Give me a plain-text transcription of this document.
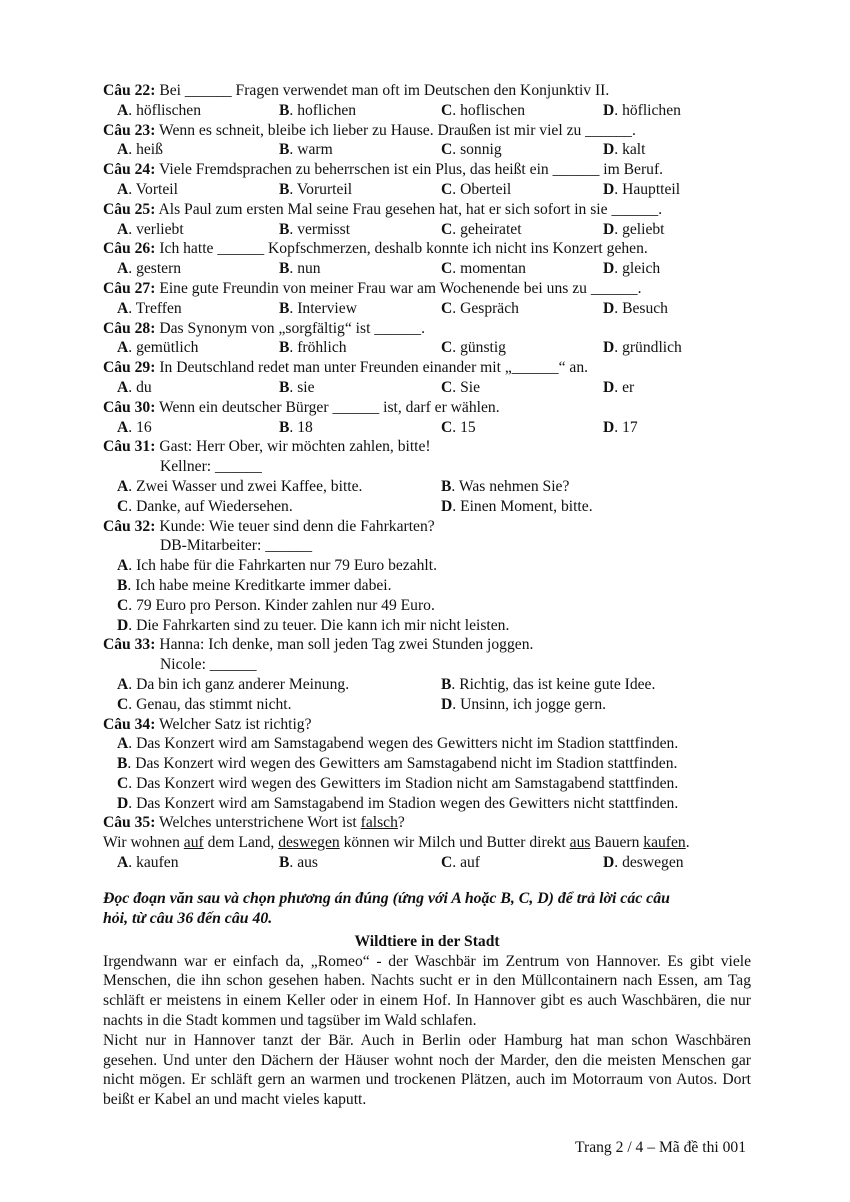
Câu 22: Bei ______ Fragen verwendet man oft im Deutschen den Konjunktiv II.
A. höflischen	B. hoflichen	C. hoflischen	D. höflichen
Câu 23: Wenn es schneit, bleibe ich lieber zu Hause. Draußen ist mir viel zu ______.
A. heiß	B. warm	C. sonnig	D. kalt
Câu 24: Viele Fremdsprachen zu beherrschen ist ein Plus, das heißt ein ______ im Beruf.
A. Vorteil	B. Vorurteil	C. Oberteil	D. Hauptteil
Câu 25: Als Paul zum ersten Mal seine Frau gesehen hat, hat er sich sofort in sie ______.
A. verliebt	B. vermisst	C. geheiratet	D. geliebt
Câu 26: Ich hatte ______ Kopfschmerzen, deshalb konnte ich nicht ins Konzert gehen.
A. gestern	B. nun	C. momentan	D. gleich
Câu 27: Eine gute Freundin von meiner Frau war am Wochenende bei uns zu ______.
A. Treffen	B. Interview	C. Gespräch	D. Besuch
Câu 28: Das Synonym von „sorgfältig“ ist ______.
A. gemütlich	B. fröhlich	C. günstig	D. gründlich
Câu 29: In Deutschland redet man unter Freunden einander mit „______“ an.
A. du	B. sie	C. Sie	D. er
Câu 30: Wenn ein deutscher Bürger ______ ist, darf er wählen.
A. 16	B. 18	C. 15	D. 17
Câu 31: Gast: Herr Ober, wir möchten zahlen, bitte!
Kellner: ______
A. Zwei Wasser und zwei Kaffee, bitte.	B. Was nehmen Sie?
C. Danke, auf Wiedersehen.	D. Einen Moment, bitte.
Câu 32: Kunde: Wie teuer sind denn die Fahrkarten?
DB-Mitarbeiter: ______
A. Ich habe für die Fahrkarten nur 79 Euro bezahlt.
B. Ich habe meine Kreditkarte immer dabei.
C. 79 Euro pro Person. Kinder zahlen nur 49 Euro.
D. Die Fahrkarten sind zu teuer. Die kann ich mir nicht leisten.
Câu 33: Hanna: Ich denke, man soll jeden Tag zwei Stunden joggen.
Nicole: ______
A. Da bin ich ganz anderer Meinung.	B. Richtig, das ist keine gute Idee.
C. Genau, das stimmt nicht.	D. Unsinn, ich jogge gern.
Câu 34: Welcher Satz ist richtig?
A. Das Konzert wird am Samstagabend wegen des Gewitters nicht im Stadion stattfinden.
B. Das Konzert wird wegen des Gewitters am Samstagabend nicht im Stadion stattfinden.
C. Das Konzert wird wegen des Gewitters im Stadion nicht am Samstagabend stattfinden.
D. Das Konzert wird am Samstagabend im Stadion wegen des Gewitters nicht stattfinden.
Câu 35: Welches unterstrichene Wort ist falsch?
Wir wohnen auf dem Land, deswegen können wir Milch und Butter direkt aus Bauern kaufen.
A. kaufen	B. aus	C. auf	D. deswegen
Đọc đoạn văn sau và chọn phương án đúng (ứng với A hoặc B, C, D) để trả lời các câu
hỏi, từ câu 36 đến câu 40.
Wildtiere in der Stadt
Irgendwann war er einfach da, „Romeo“ - der Waschbär im Zentrum von Hannover. Es gibt viele Menschen, die ihn schon gesehen haben. Nachts sucht er in den Müllcontainern nach Essen, am Tag schläft er meistens in einem Keller oder in einem Hof. In Hannover gibt es auch Waschbären, die nur nachts in die Stadt kommen und tagsüber im Wald schlafen.
Nicht nur in Hannover tanzt der Bär. Auch in Berlin oder Hamburg hat man schon Waschbären gesehen. Und unter den Dächern der Häuser wohnt noch der Marder, den die meisten Menschen gar nicht mögen. Er schläft gern an warmen und trockenen Plätzen, auch im Motorraum von Autos. Dort beißt er Kabel an und macht vieles kaputt.
Trang 2 / 4 – Mã đề thi 001
